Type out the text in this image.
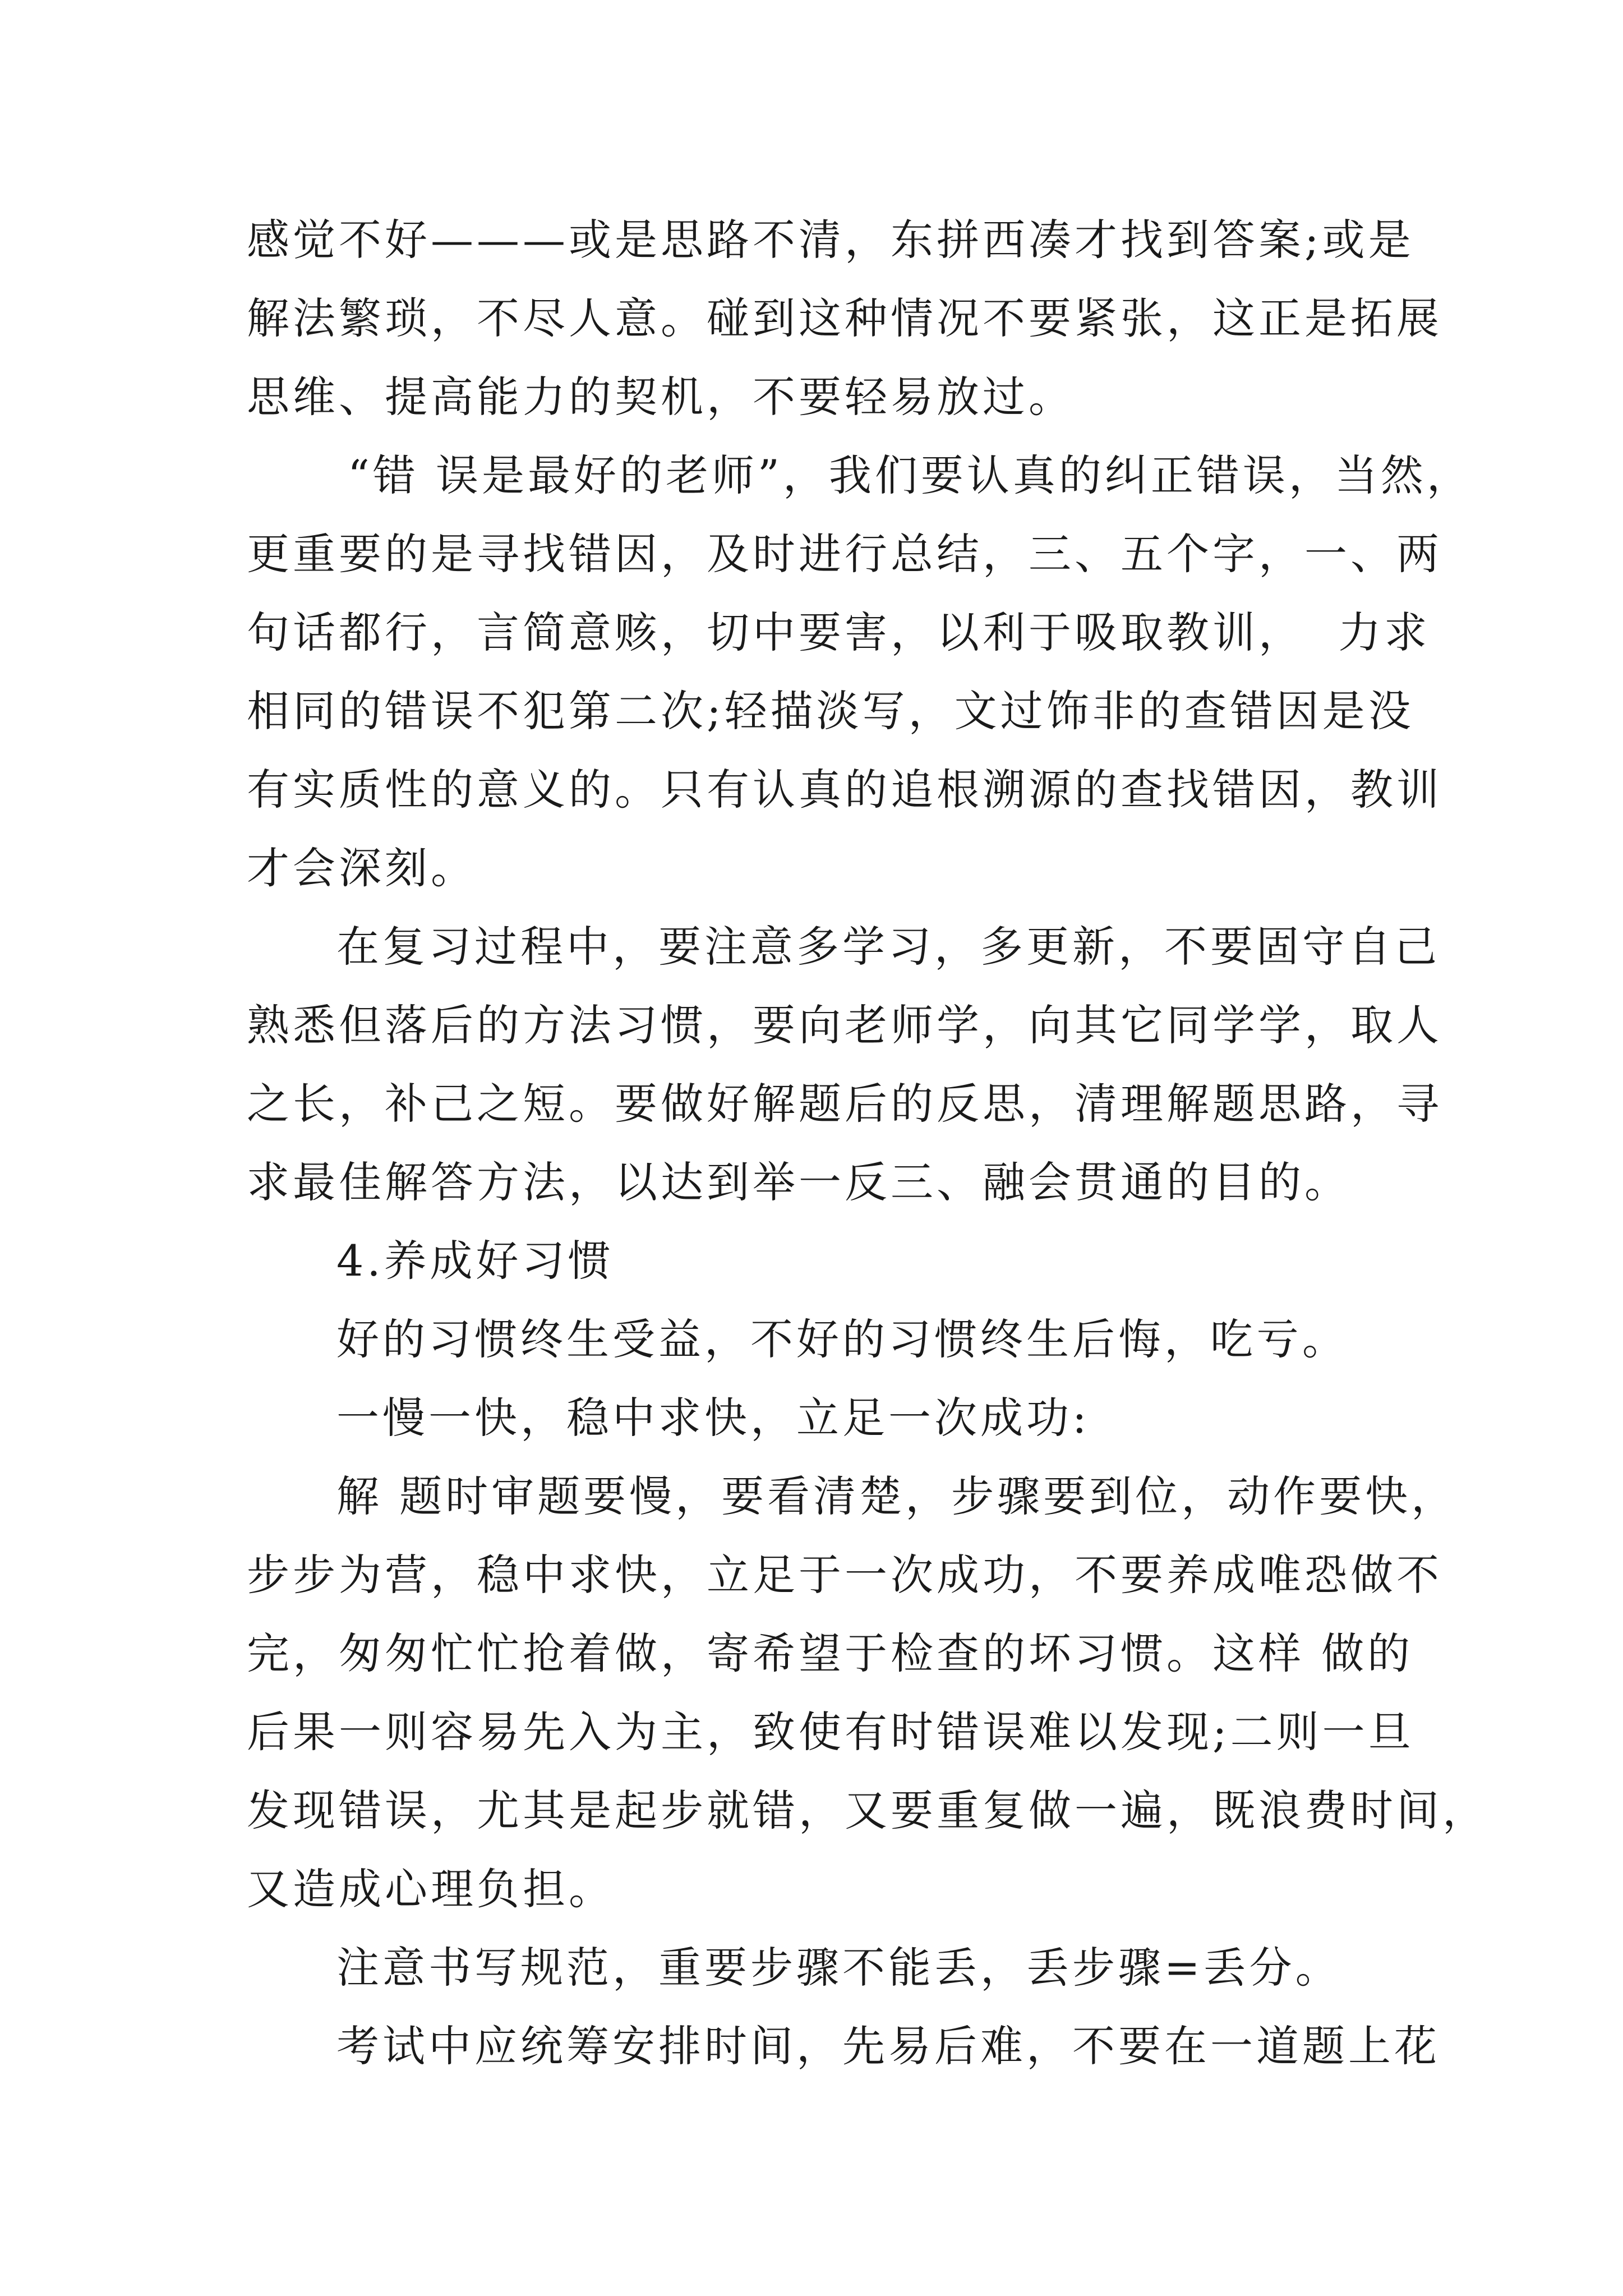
感觉不好———或是思路不清，东拼西凑才找到答案;或是
解法繁琐，不尽人意。碰到这种情况不要紧张，这正是拓展
思维、提高能力的契机，不要轻易放过。
“错 误是最好的老师”，我们要认真的纠正错误，当然，
更重要的是寻找错因，及时进行总结，三、五个字，一、两
句话都行，言简意赅，切中要害，以利于吸取教训，  力求
相同的错误不犯第二次;轻描淡写，文过饰非的查错因是没
有实质性的意义的。只有认真的追根溯源的查找错因，教训
才会深刻。
在复习过程中，要注意多学习，多更新，不要固守自己
熟悉但落后的方法习惯，要向老师学，向其它同学学，取人
之长，补己之短。要做好解题后的反思，清理解题思路，寻
求最佳解答方法，以达到举一反三、融会贯通的目的。
4.养成好习惯
好的习惯终生受益，不好的习惯终生后悔，吃亏。
一慢一快，稳中求快，立足一次成功:
解 题时审题要慢，要看清楚，步骤要到位，动作要快，
步步为营，稳中求快，立足于一次成功，不要养成唯恐做不
完，匆匆忙忙抢着做，寄希望于检查的坏习惯。这样 做的
后果一则容易先入为主，致使有时错误难以发现;二则一旦
发现错误，尤其是起步就错，又要重复做一遍，既浪费时间，
又造成心理负担。
注意书写规范，重要步骤不能丢，丢步骤=丢分。
考试中应统筹安排时间，先易后难，不要在一道题上花
